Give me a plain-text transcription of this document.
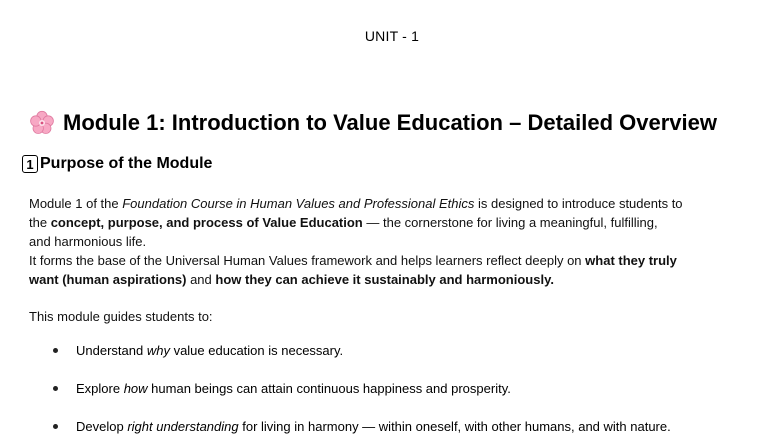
UNIT - 1
Module 1: Introduction to Value Education – Detailed Overview
1 Purpose of the Module

Module 1 of the Foundation Course in Human Values and Professional Ethics is designed to introduce students to

the concept, purpose, and process of Value Education — the cornerstone for living a meaningful, fulfilling,

and harmonious life.

It forms the base of the Universal Human Values framework and helps learners reflect deeply on what they truly

want (human aspirations) and how they can achieve it sustainably and harmoniously.

This module guides students to:
Understand why value education is necessary.
Explore how human beings can attain continuous happiness and prosperity.
Develop right understanding for living in harmony — within oneself, with other humans, and with nature.
